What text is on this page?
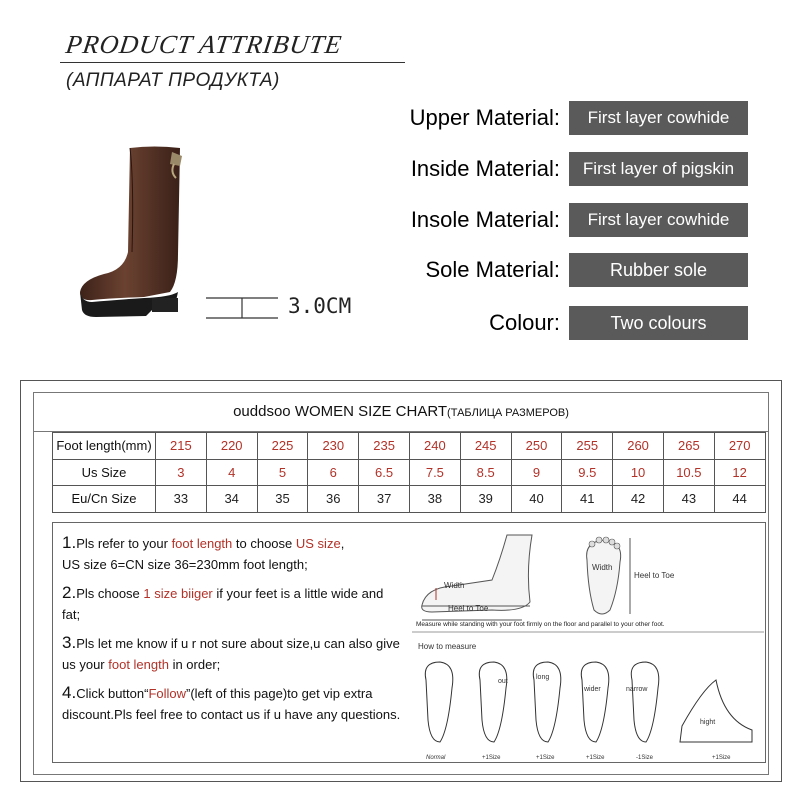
PRODUCT ATTRIBUTE
(АППАРАТ ПРОДУКТА)
3.0CM
Upper Material:	First layer cowhide
Inside Material:	First layer of pigskin
Insole Material:	First layer cowhide
Sole Material:	Rubber sole
Colour:	Two colours
ouddsoo WOMEN SIZE CHART(ТАБЛИЦА РАЗМЕРОВ)
Foot length(mm)	215	220	225	230	235	240	245	250	255	260	265	270
Us Size	3	4	5	6	6.5	7.5	8.5	9	9.5	10	10.5	12
Eu/Cn Size	33	34	35	36	37	38	39	40	41	42	43	44

1.Pls refer to your foot length to choose US size,
US size 6=CN size 36=230mm foot length;

2.Pls choose 1 size biiger if your feet is a little wide and fat;

3.Pls let me know if u r not sure about size,u can also give us your foot length in order;

4.Click button“Follow”(left of this page)to get vip extra discount.Pls feel free to contact us if u have any questions.

Width
Heel to Toe
Width
Heel to Toe
Measure while standing with your foot firmly on the floor and parallel to your other foot.
How to measure
out
long
wider	narrow
hight
Normal	+1Size	+1Size	+1Size	-1Size	+1Size
